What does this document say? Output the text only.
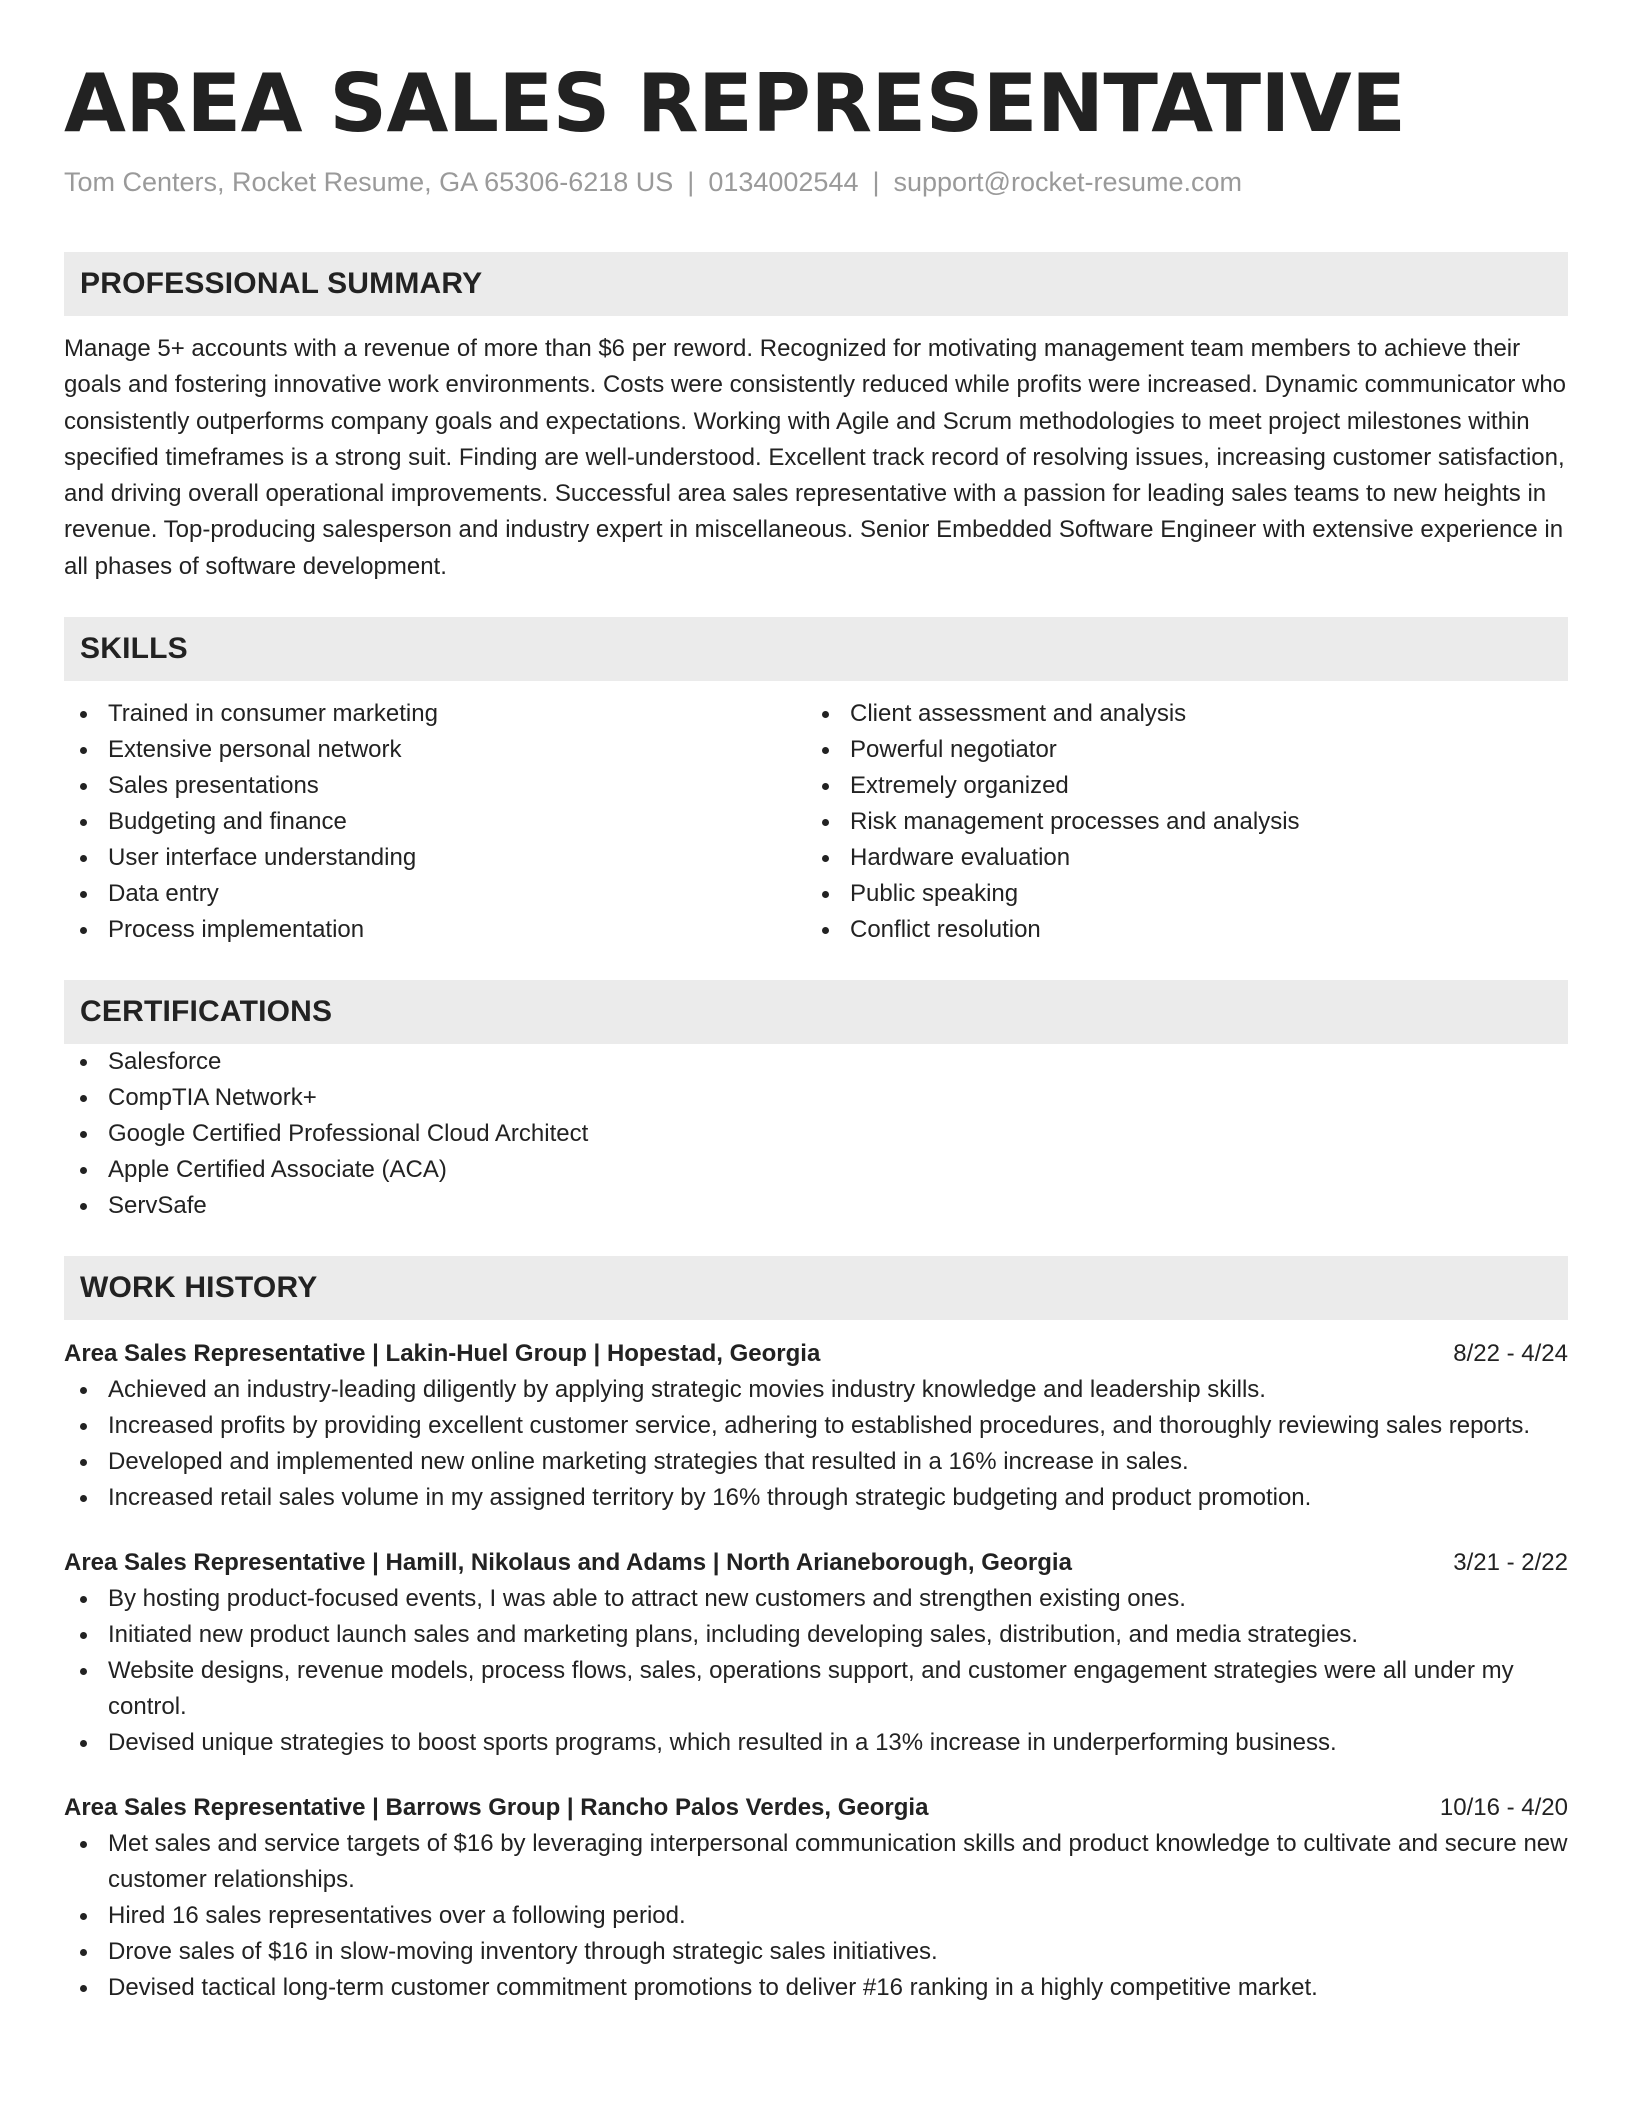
AREA SALES REPRESENTATIVE
Tom Centers, Rocket Resume, GA 65306-6218 US | 0134002544 | support@rocket-resume.com
PROFESSIONAL SUMMARY

Manage 5+ accounts with a revenue of more than $6 per reword. Recognized for motivating management team members to achieve their goals and fostering innovative work environments. Costs were consistently reduced while profits were increased. Dynamic communicator who consistently outperforms company goals and expectations. Working with Agile and Scrum methodologies to meet project milestones within specified timeframes is a strong suit. Finding are well-understood. Excellent track record of resolving issues, increasing customer satisfaction, and driving overall operational improvements. Successful area sales representative with a passion for leading sales teams to new heights in revenue. Top-producing salesperson and industry expert in miscellaneous. Senior Embedded Software Engineer with extensive experience in all phases of software development.

SKILLS
Trained in consumer marketing
Extensive personal network
Sales presentations
Budgeting and finance
User interface understanding
Data entry
Process implementation
Client assessment and analysis
Powerful negotiator
Extremely organized
Risk management processes and analysis
Hardware evaluation
Public speaking
Conflict resolution
CERTIFICATIONS
Salesforce
CompTIA Network+
Google Certified Professional Cloud Architect
Apple Certified Associate (ACA)
ServSafe
WORK HISTORY
Area Sales Representative | Lakin-Huel Group | Hopestad, Georgia	8/22 - 4/24
Achieved an industry-leading diligently by applying strategic movies industry knowledge and leadership skills.
Increased profits by providing excellent customer service, adhering to established procedures, and thoroughly reviewing sales reports.
Developed and implemented new online marketing strategies that resulted in a 16% increase in sales.
Increased retail sales volume in my assigned territory by 16% through strategic budgeting and product promotion.
Area Sales Representative | Hamill, Nikolaus and Adams | North Arianeborough, Georgia	3/21 - 2/22
By hosting product-focused events, I was able to attract new customers and strengthen existing ones.
Initiated new product launch sales and marketing plans, including developing sales, distribution, and media strategies.
Website designs, revenue models, process flows, sales, operations support, and customer engagement strategies were all under my control.
Devised unique strategies to boost sports programs, which resulted in a 13% increase in underperforming business.
Area Sales Representative | Barrows Group | Rancho Palos Verdes, Georgia	10/16 - 4/20
Met sales and service targets of $16 by leveraging interpersonal communication skills and product knowledge to cultivate and secure new customer relationships.
Hired 16 sales representatives over a following period.
Drove sales of $16 in slow-moving inventory through strategic sales initiatives.
Devised tactical long-term customer commitment promotions to deliver #16 ranking in a highly competitive market.
